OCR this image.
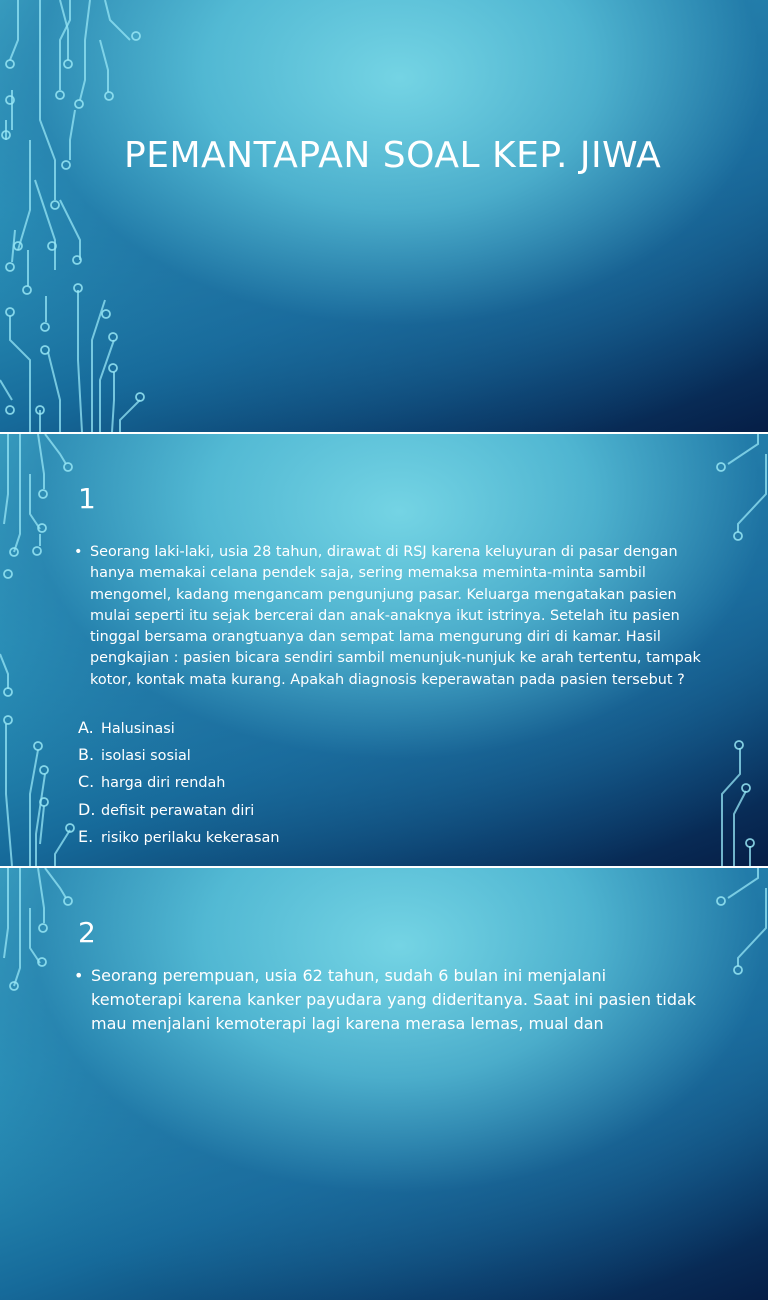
PEMANTAPAN SOAL KEP. JIWA
1

• Seorang laki-laki, usia 28 tahun, dirawat di RSJ karena keluyuran di pasar dengan hanya memakai celana pendek saja, sering memaksa meminta-minta sambil mengomel, kadang mengancam pengunjung pasar. Keluarga mengatakan pasien mulai seperti itu sejak bercerai dan anak-anaknya ikut istrinya. Setelah itu pasien tinggal bersama orangtuanya dan sempat lama mengurung diri di kamar. Hasil pengkajian : pasien bicara sendiri sambil menunjuk-nunjuk ke arah tertentu, tampak kotor, kontak mata kurang. Apakah diagnosis keperawatan pada pasien tersebut ?

A. Halusinasi
B. isolasi sosial
C. harga diri rendah
D. defisit perawatan diri
E. risiko perilaku kekerasan
2

• Seorang perempuan, usia 62 tahun, sudah 6 bulan ini menjalani kemoterapi karena kanker payudara yang dideritanya. Saat ini pasien tidak mau menjalani kemoterapi lagi karena merasa lemas, mual dan
